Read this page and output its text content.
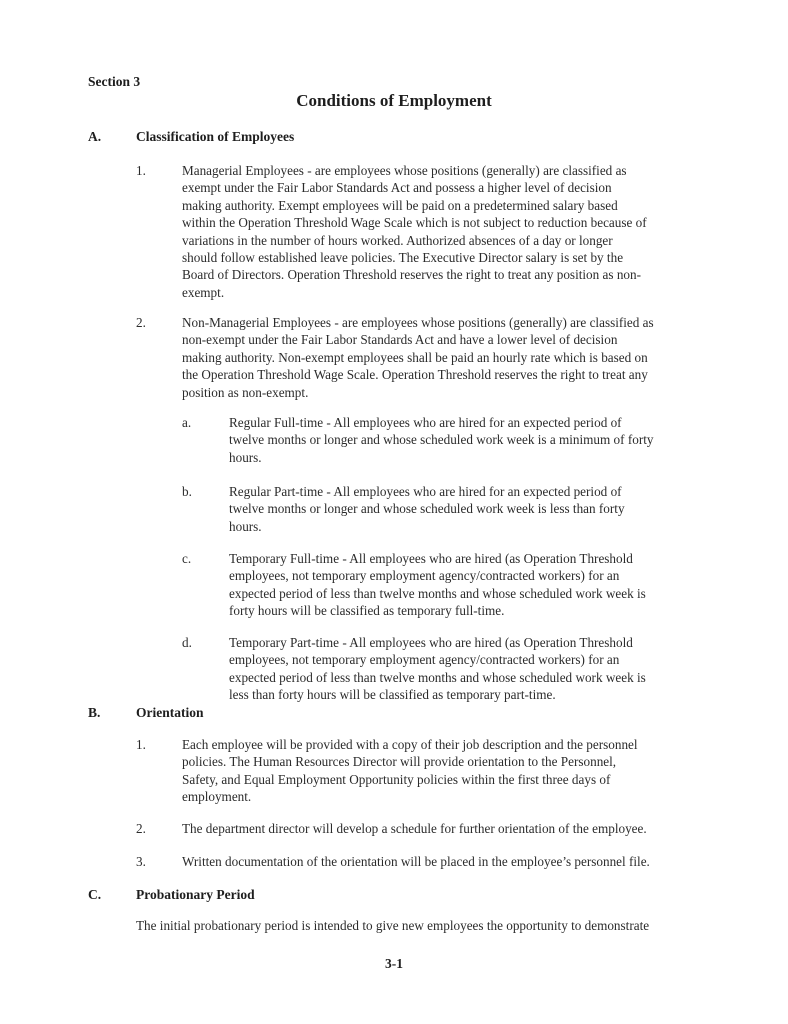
Section 3
Conditions of Employment
A.	Classification of Employees
1.	Managerial Employees - are employees whose positions (generally) are classified as
exempt under the Fair Labor Standards Act and possess a higher level of decision
making authority. Exempt employees will be paid on a predetermined salary based
within the Operation Threshold Wage Scale which is not subject to reduction because of
variations in the number of hours worked. Authorized absences of a day or longer
should follow established leave policies. The Executive Director salary is set by the
Board of Directors. Operation Threshold reserves the right to treat any position as non-
exempt.
2.	Non-Managerial Employees - are employees whose positions (generally) are classified as
non-exempt under the Fair Labor Standards Act and have a lower level of decision
making authority. Non-exempt employees shall be paid an hourly rate which is based on
the Operation Threshold Wage Scale. Operation Threshold reserves the right to treat any
position as non-exempt.
a.	Regular Full-time - All employees who are hired for an expected period of
twelve months or longer and whose scheduled work week is a minimum of forty
hours.
b.	Regular Part-time - All employees who are hired for an expected period of
twelve months or longer and whose scheduled work week is less than forty
hours.
c.	Temporary Full-time - All employees who are hired (as Operation Threshold
employees, not temporary employment agency/contracted workers) for an
expected period of less than twelve months and whose scheduled work week is
forty hours will be classified as temporary full-time.
d.	Temporary Part-time - All employees who are hired (as Operation Threshold
employees, not temporary employment agency/contracted workers) for an
expected period of less than twelve months and whose scheduled work week is
less than forty hours will be classified as temporary part-time.
B.	Orientation
1.	Each employee will be provided with a copy of their job description and the personnel
policies. The Human Resources Director will provide orientation to the Personnel,
Safety, and Equal Employment Opportunity policies within the first three days of
employment.
2.	The department director will develop a schedule for further orientation of the employee.
3.	Written documentation of the orientation will be placed in the employee’s personnel file.
C.	Probationary Period
The initial probationary period is intended to give new employees the opportunity to demonstrate
3-1
